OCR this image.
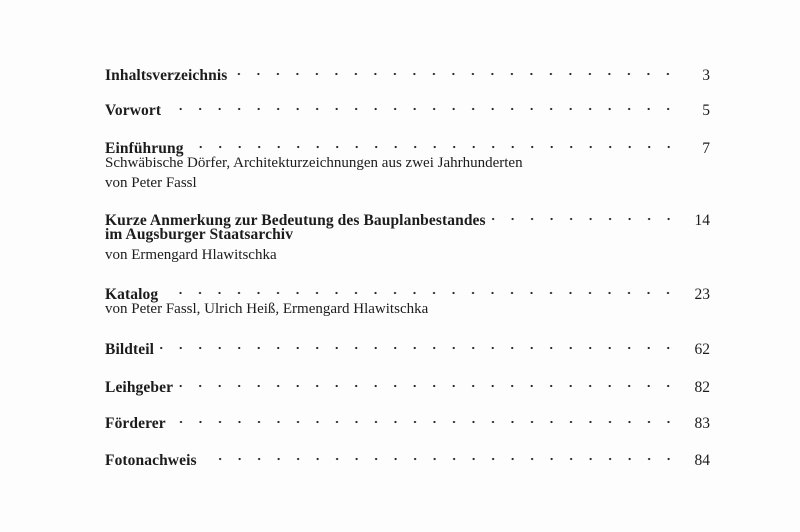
Inhaltsverzeichnis	3
Vorwort	5
Einführung	7
Schwäbische Dörfer, Architekturzeichnungen aus zwei Jahrhunderten
von Peter Fassl
Kurze Anmerkung zur Bedeutung des Bauplanbestandes	14
im Augsburger Staatsarchiv
von Ermengard Hlawitschka
Katalog	23
von Peter Fassl, Ulrich Heiß, Ermengard Hlawitschka
Bildteil	62
Leihgeber	82
Förderer	83
Fotonachweis	84
